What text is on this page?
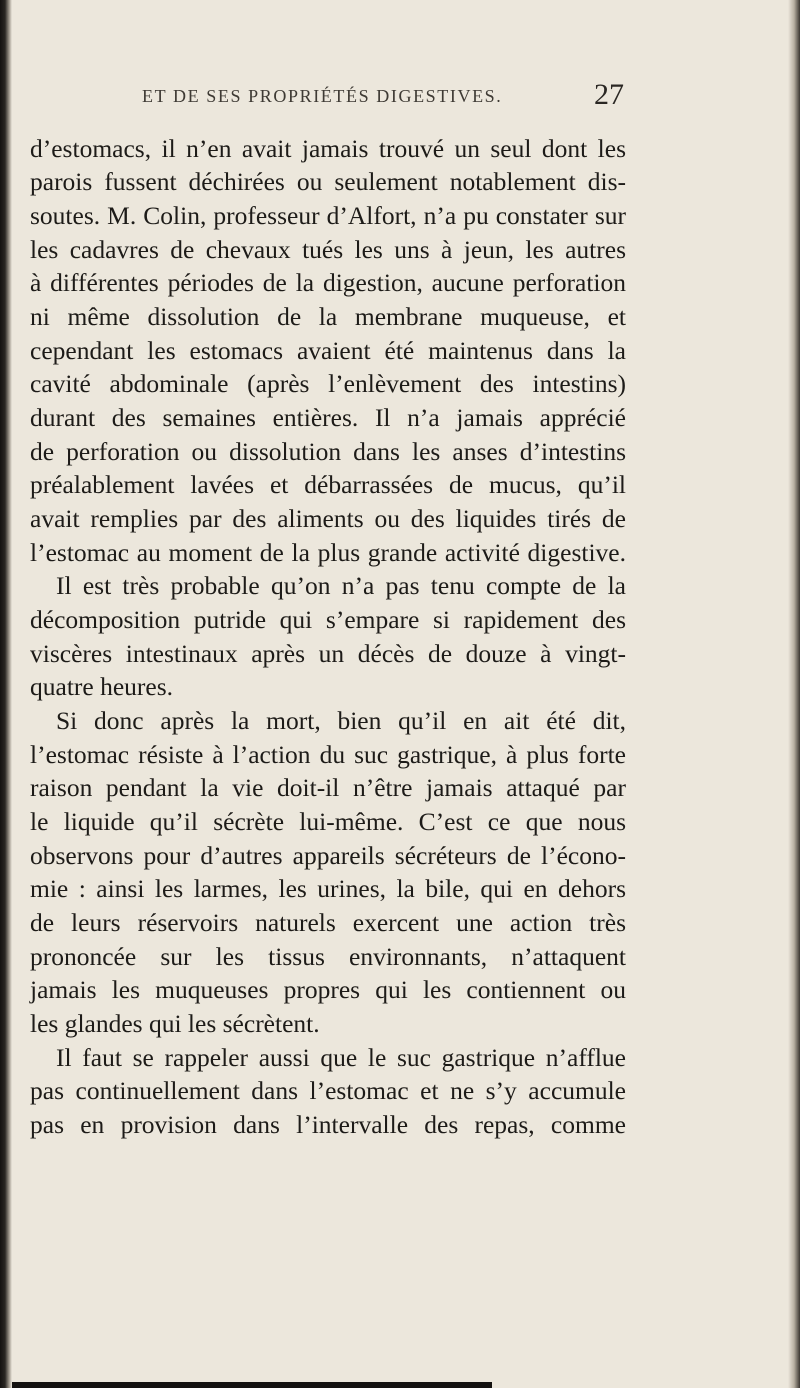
ET DE SES PROPRIÉTÉS DIGESTIVES.	27
d’estomacs, il n’en avait jamais trouvé un seul dont les
parois fussent déchirées ou seulement notablement dis-
soutes. M. Colin, professeur d’Alfort, n’a pu constater sur
les cadavres de chevaux tués les uns à jeun, les autres
à différentes périodes de la digestion, aucune perforation
ni même dissolution de la membrane muqueuse, et
cependant les estomacs avaient été maintenus dans la
cavité abdominale (après l’enlèvement des intestins)
durant des semaines entières. Il n’a jamais apprécié
de perforation ou dissolution dans les anses d’intestins
préalablement lavées et débarrassées de mucus, qu’il
avait remplies par des aliments ou des liquides tirés de
l’estomac au moment de la plus grande activité digestive.
Il est très probable qu’on n’a pas tenu compte de la
décomposition putride qui s’empare si rapidement des
viscères intestinaux après un décès de douze à vingt-
quatre heures.
Si donc après la mort, bien qu’il en ait été dit,
l’estomac résiste à l’action du suc gastrique, à plus forte
raison pendant la vie doit-il n’être jamais attaqué par
le liquide qu’il sécrète lui-même. C’est ce que nous
observons pour d’autres appareils sécréteurs de l’écono-
mie : ainsi les larmes, les urines, la bile, qui en dehors
de leurs réservoirs naturels exercent une action très
prononcée sur les tissus environnants, n’attaquent
jamais les muqueuses propres qui les contiennent ou
les glandes qui les sécrètent.
Il faut se rappeler aussi que le suc gastrique n’afflue
pas continuellement dans l’estomac et ne s’y accumule
pas en provision dans l’intervalle des repas, comme
